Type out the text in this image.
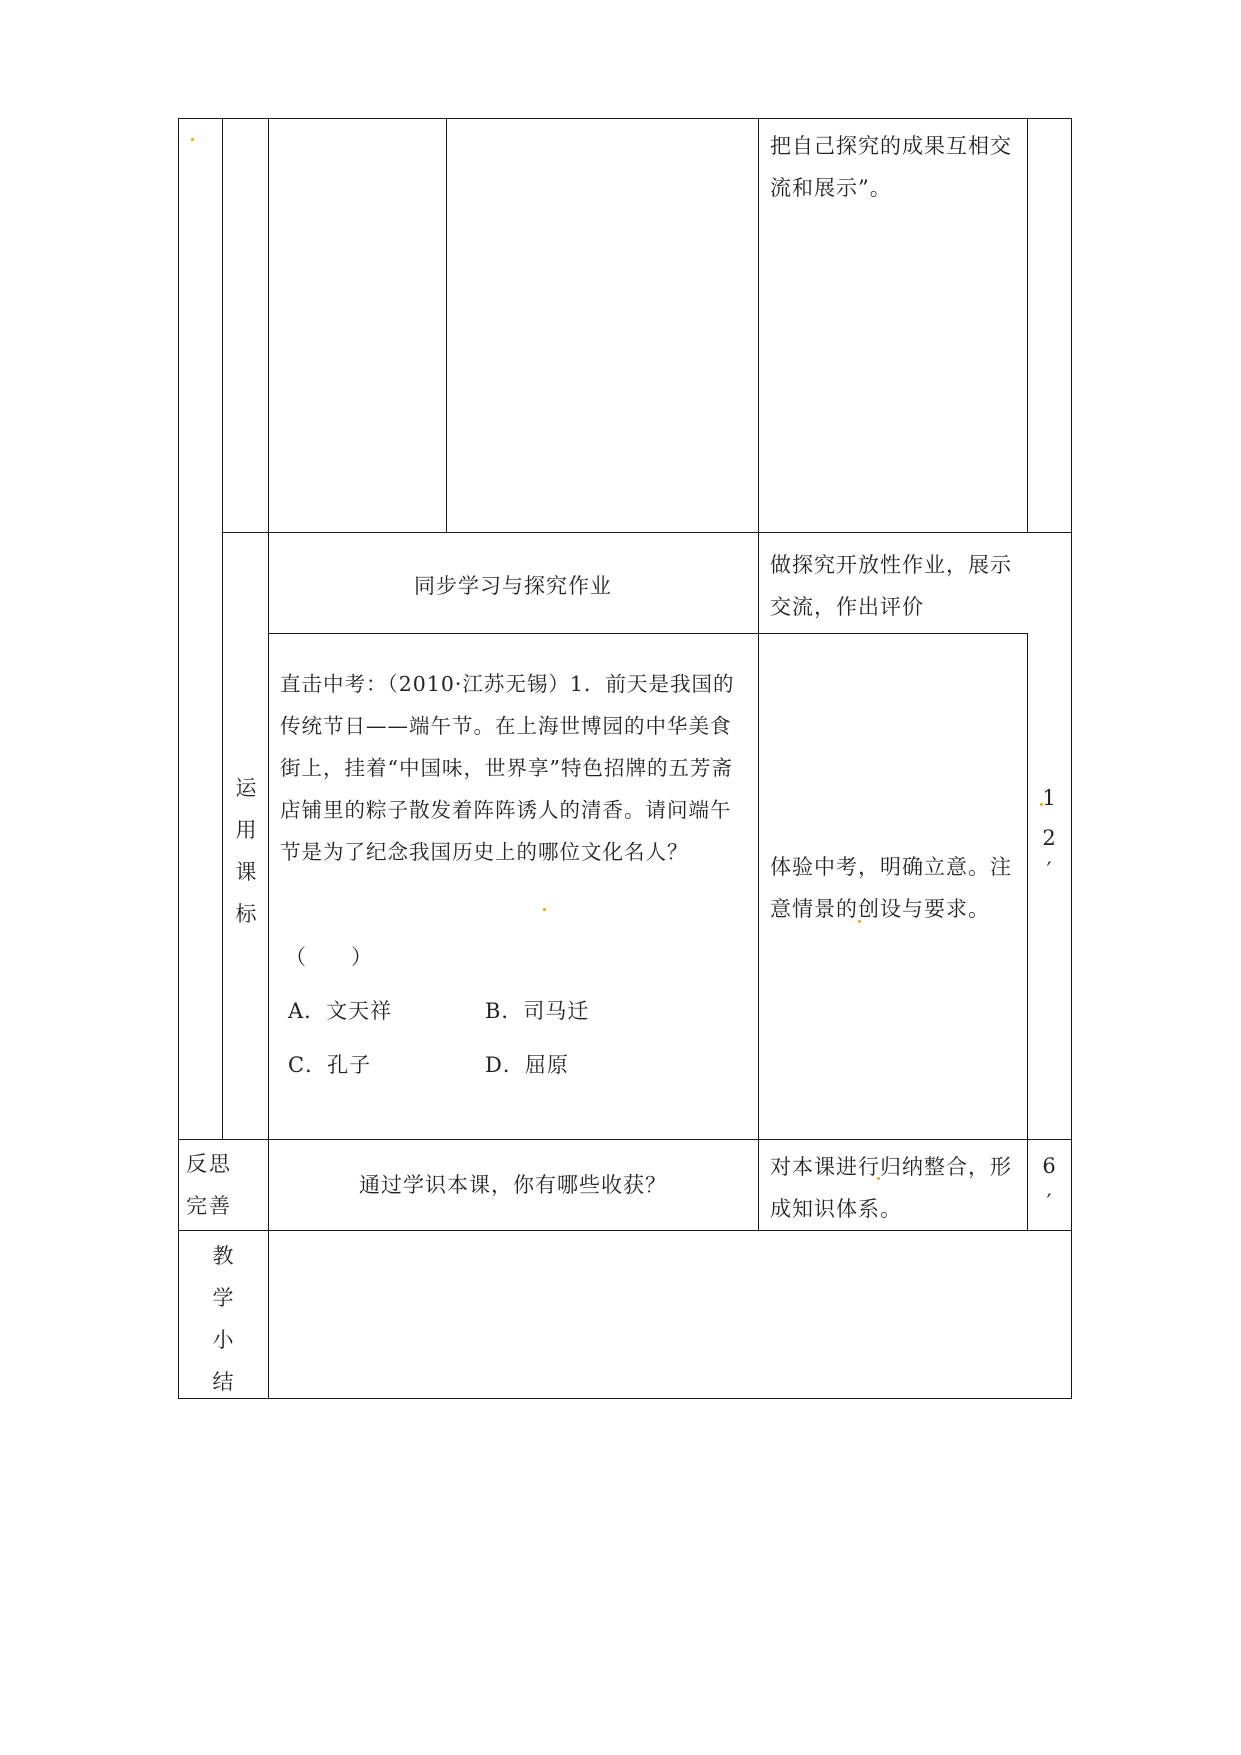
把自己探究的成果互相交流和展示”。
运
用
课
标
同步学习与探究作业
做探究开放性作业，展示交流，作出评价
直击中考：（2010·江苏无锡）1．前天是我国的传统节日——端午节。在上海世博园的中华美食街上，挂着“中国味，世界享”特色招牌的五芳斋店铺里的粽子散发着阵阵诱人的清香。请问端午节是为了纪念我国历史上的哪位文化名人？
（　　）
A．文天祥	B．司马迁
C．孔子	D．屈原
体验中考，明确立意。注意情景的创设与要求。
1
2
′
反思
完善
通过学识本课，你有哪些收获？
对本课进行归纳整合，形成知识体系。
6
′
教
学
小
结
